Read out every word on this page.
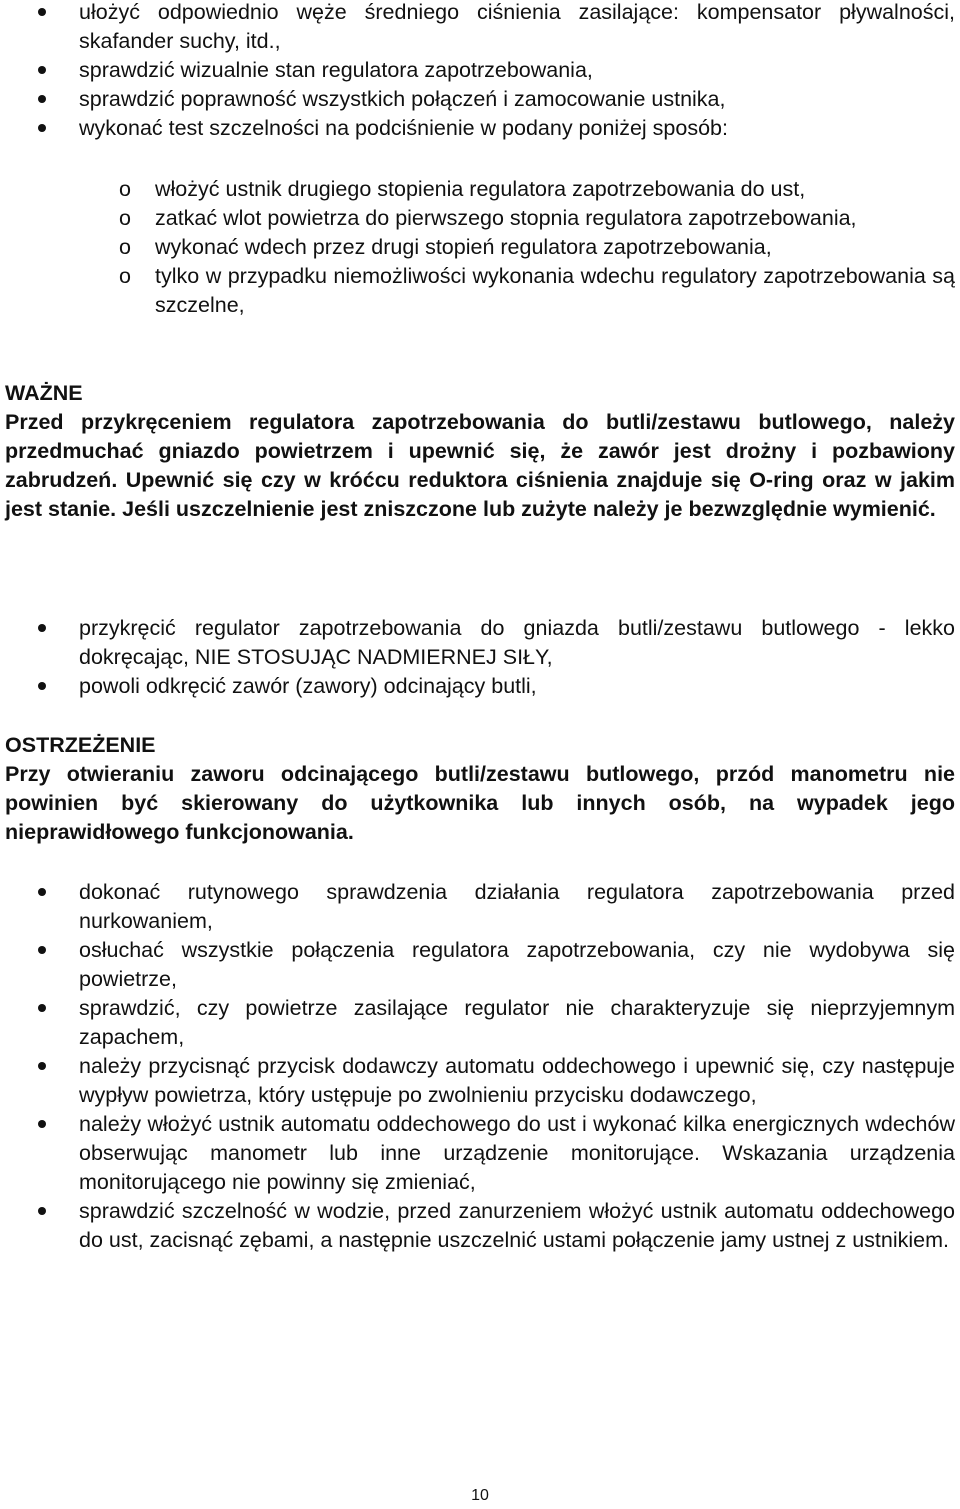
ułożyć odpowiednio węże średniego ciśnienia zasilające: kompensator pływalności, skafander suchy, itd.,
sprawdzić wizualnie stan regulatora zapotrzebowania,
sprawdzić poprawność wszystkich połączeń i zamocowanie ustnika,
wykonać test szczelności na podciśnienie w podany poniżej sposób:
o włożyć ustnik drugiego stopienia regulatora zapotrzebowania do ust,
o zatkać wlot powietrza do pierwszego stopnia regulatora zapotrzebowania,
o wykonać wdech przez drugi stopień regulatora zapotrzebowania,
o tylko w przypadku niemożliwości wykonania wdechu regulatory zapotrzebowania są szczelne,
WAŻNE
Przed przykręceniem regulatora zapotrzebowania do butli/zestawu butlowego, należy przedmuchać gniazdo powietrzem i upewnić się, że zawór jest drożny i pozbawiony zabrudzeń. Upewnić się czy w króćcu reduktora ciśnienia znajduje się O-ring oraz w jakim jest stanie. Jeśli uszczelnienie jest zniszczone lub zużyte należy je bezwzględnie wymienić.
przykręcić regulator zapotrzebowania do gniazda butli/zestawu butlowego - lekko dokręcając, NIE STOSUJĄC NADMIERNEJ SIŁY,
powoli odkręcić zawór (zawory) odcinający butli,
OSTRZEŻENIE
Przy otwieraniu zaworu odcinającego butli/zestawu butlowego, przód manometru nie powinien być skierowany do użytkownika lub innych osób, na wypadek jego nieprawidłowego funkcjonowania.
dokonać rutynowego sprawdzenia działania regulatora zapotrzebowania przed nurkowaniem,
osłuchać wszystkie połączenia regulatora zapotrzebowania, czy nie wydobywa się powietrze,
sprawdzić, czy powietrze zasilające regulator nie charakteryzuje się nieprzyjemnym zapachem,
należy przycisnąć przycisk dodawczy automatu oddechowego i upewnić się, czy następuje wypływ powietrza, który ustępuje po zwolnieniu przycisku dodawczego,
należy włożyć ustnik automatu oddechowego do ust i wykonać kilka energicznych wdechów obserwując manometr lub inne urządzenie monitorujące. Wskazania urządzenia monitorującego nie powinny się zmieniać,
sprawdzić szczelność w wodzie, przed zanurzeniem włożyć ustnik automatu oddechowego do ust, zacisnąć zębami, a następnie uszczelnić ustami połączenie jamy ustnej z ustnikiem.
10
